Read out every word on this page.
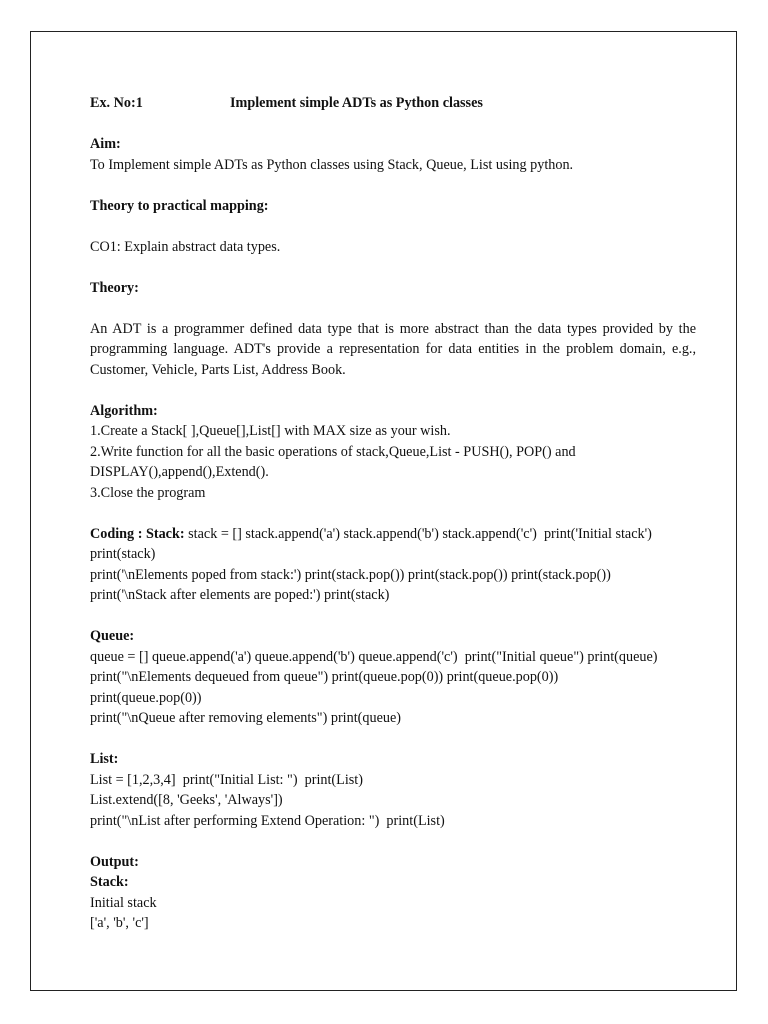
Ex. No:1	Implement simple ADTs as Python classes
Aim:
To Implement simple ADTs as Python classes using Stack, Queue, List using python.
Theory to practical mapping:
CO1: Explain abstract data types.
Theory:
An ADT is a programmer defined data type that is more abstract than the data types provided by the programming language. ADT's provide a representation for data entities in the problem domain, e.g., Customer, Vehicle, Parts List, Address Book.
Algorithm:
1.Create a Stack[ ],Queue[],List[] with MAX size as your wish.
2.Write function for all the basic operations of stack,Queue,List - PUSH(), POP() and
DISPLAY(),append(),Extend().
3.Close the program
Coding : Stack: stack = [] stack.append('a') stack.append('b') stack.append('c')  print('Initial stack')
print(stack)
print('\nElements poped from stack:') print(stack.pop()) print(stack.pop()) print(stack.pop())
print('\nStack after elements are poped:') print(stack)
Queue:
queue = [] queue.append('a') queue.append('b') queue.append('c')  print("Initial queue") print(queue)
print("\nElements dequeued from queue") print(queue.pop(0)) print(queue.pop(0))
print(queue.pop(0))
print("\nQueue after removing elements") print(queue)
List:
List = [1,2,3,4]  print("Initial List: ")  print(List)
List.extend([8, 'Geeks', 'Always'])
print("\nList after performing Extend Operation: ")  print(List)
Output:
Stack:
Initial stack
['a', 'b', 'c']
